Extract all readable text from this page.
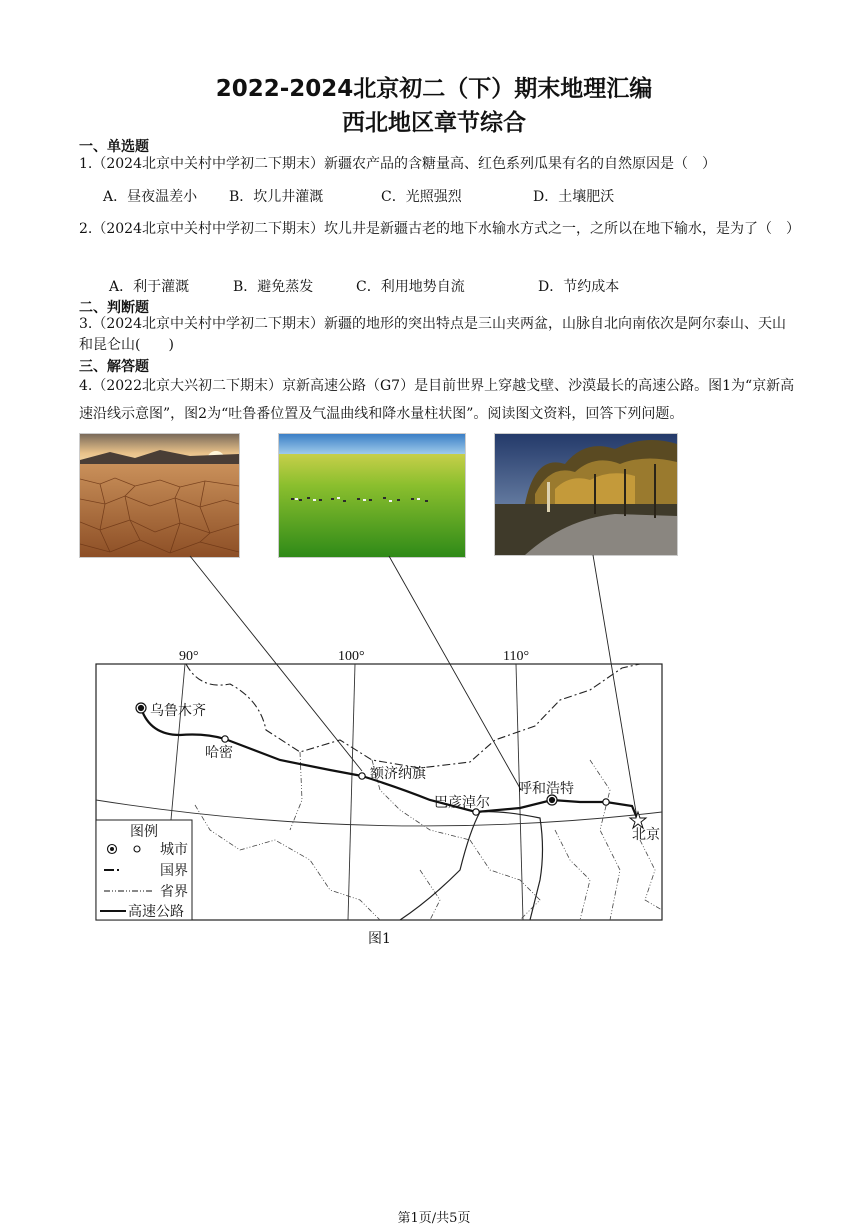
2022-2024北京初二（下）期末地理汇编
西北地区章节综合
一、单选题
1.（2024北京中关村中学初二下期末）新疆农产品的含糖量高、红色系列瓜果有名的自然原因是（　）
A．昼夜温差小 B．坎儿井灌溉	C．光照强烈	D．土壤肥沃
2.（2024北京中关村中学初二下期末）坎儿井是新疆古老的地下水输水方式之一，之所以在地下输水，是为了（　）
A．利于灌溉	B．避免蒸发	C．利用地势自流	D．节约成本
二、判断题
3.（2024北京中关村中学初二下期末）新疆的地形的突出特点是三山夹两盆，山脉自北向南依次是阿尔泰山、天山和昆仑山(　　)
三、解答题
4.（2022北京大兴初二下期末）京新高速公路（G7）是目前世界上穿越戈壁、沙漠最长的高速公路。图1为“京新高速沿线示意图”，图2为“吐鲁番位置及气温曲线和降水量柱状图”。阅读图文资料，回答下列问题。
90°	100°	110°
乌鲁木齐
哈密
额济纳旗
巴彦淖尔
呼和浩特
北京
图例
城市
国界
省界
高速公路
图1
第1页/共5页
